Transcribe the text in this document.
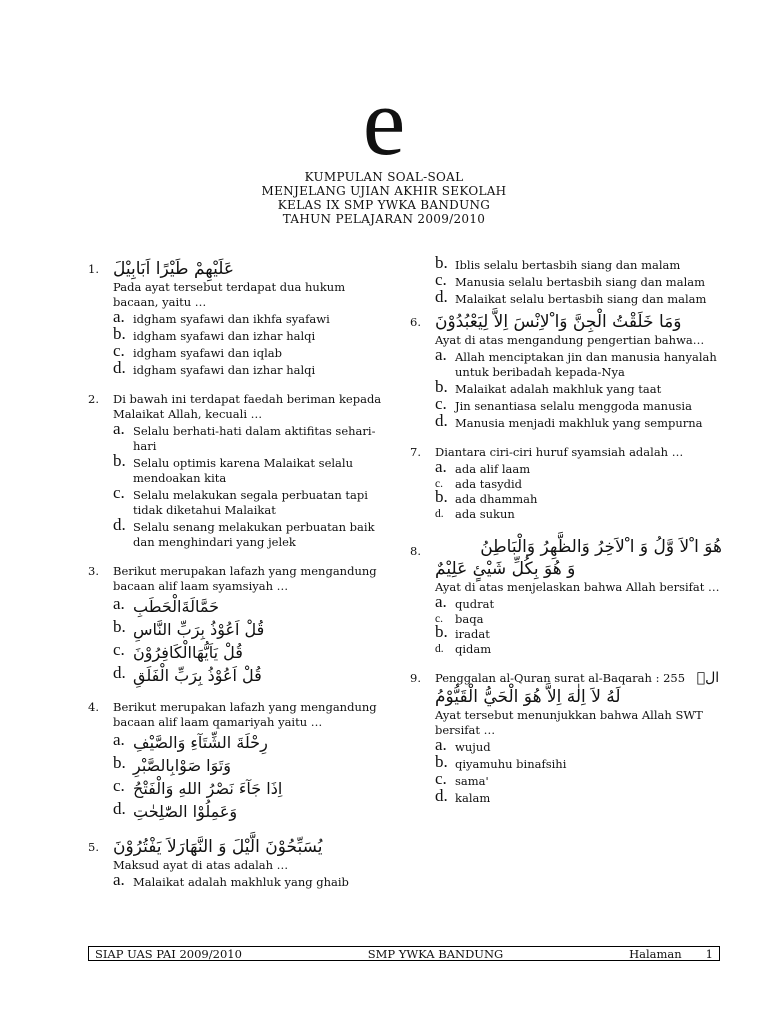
e
KUMPULAN SOAL-SOAL
MENJELANG UJIAN AKHIR SEKOLAH
KELAS IX SMP YWKA BANDUNG
TAHUN PELAJARAN 2009/2010
1. عَلَيْهِمْ طَيْرًا اَبَابِيْلَ
Pada ayat tersebut terdapat dua hukum bacaan, yaitu …
a. idgham syafawi dan ikhfa syafawi
b. idgham syafawi dan izhar halqi
c. idgham syafawi dan iqlab
d. idgham syafawi dan izhar halqi
2. Di bawah ini terdapat faedah beriman kepada Malaikat Allah, kecuali …
a. Selalu berhati-hati dalam aktifitas sehari-hari
b. Selalu optimis karena Malaikat selalu mendoakan kita
c. Selalu melakukan segala perbuatan tapi tidak diketahui Malaikat
d. Selalu senang melakukan perbuatan baik dan menghindari yang jelek
3. Berikut merupakan lafazh yang mengandung bacaan alif laam syamsiyah …
a. حَمَّالَةَالْحَطَبِ
b. قُلْ اَعُوْذُ بِرَبِّ النَّاسِ
c. قُلْ يَاَيُّهَاالْكَافِرُوْنَ
d. قُلْ اَعُوْذُ بِرَبِّ الْفَلَقِ
4. Berikut merupakan lafazh yang mengandung bacaan alif laam qamariyah yaitu …
a. رِحْلَةَ الشِّتَآءِ وَالصَّيْفِ
b. وَتَوَا صَوْابِالصَّبْرِ
c. اِذَا جَآءَ نَصْرُ اللهِ وَالْفَتْحُ
d. وَعَمِلُوْا الصّٰلِحٰتِ
5. يُسَبِّحُوْنَ الَّيْلَ وَ النَّهَارَلاَ يَفْتُرُوْنَ
Maksud ayat di atas adalah …
a. Malaikat adalah makhluk yang ghaib
b. Iblis selalu bertasbih siang dan malam
c. Manusia selalu bertasbih siang dan malam
d. Malaikat selalu bertasbih siang dan malam
6. وَمَا خَلَقْتُ الْجِنَّ وَا ْلاِنْسَ اِلاَّ لِيَعْبُدُوْنَ
Ayat di atas mengandung pengertian bahwa…
a. Allah menciptakan jin dan manusia hanyalah untuk beribadah kepada-Nya
b. Malaikat adalah makhluk yang taat
c. Jin senantiasa selalu menggoda manusia
d. Manusia menjadi makhluk yang sempurna
7. Diantara ciri-ciri huruf syamsiah adalah …
a. ada alif laam
c. ada tasydid
b. ada dhammah
d. ada sukun
8.	هُوَ ا ْلاَ وَّلُ وَ ا ْلاَخِرُ وَالظَّهِرُ وَالْبَاطِنُ
وَ هُوَ بِكُلِّ شَيْئٍ عَلِيْمٌ
Ayat di atas menjelaskan bahwa Allah bersifat …
a. qudrat
c. baqa
b. iradat
d. qidam
9. Penggalan al-Quran surat al-Baqarah : 255 الۤ
لَهُ لاَ اِلٰهَ اِلاَّ هُوَ الْحَيُّ الْقَيُّوْمُ
Ayat tersebut menunjukkan bahwa Allah SWT bersifat …
a. wujud
b. qiyamuhu binafsihi
c. sama'
d. kalam
SIAP UAS PAI 2009/2010	SMP YWKA BANDUNG	Halaman 1
